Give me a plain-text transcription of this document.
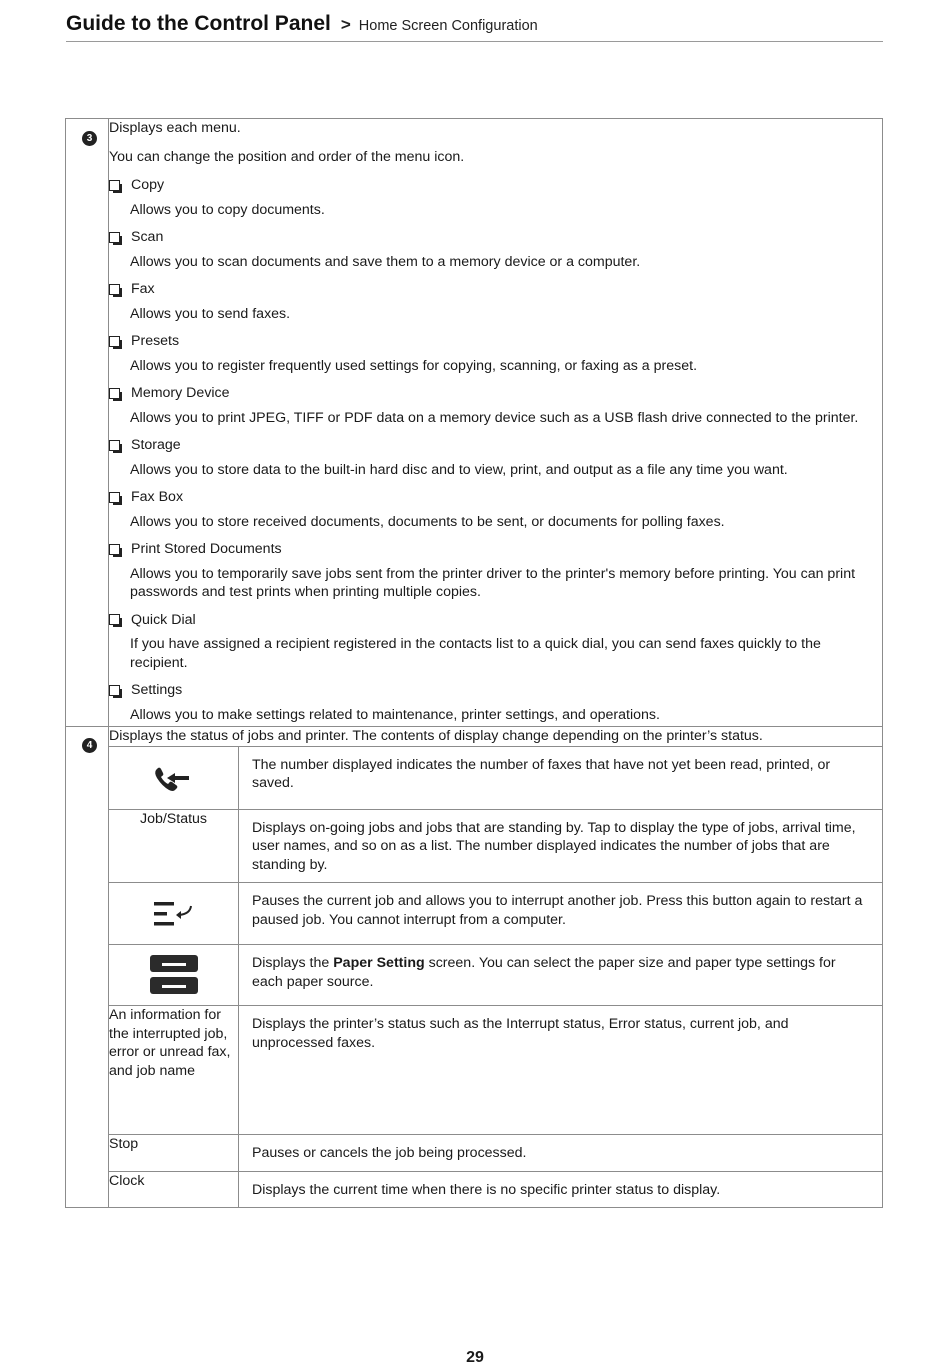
Guide to the Control Panel > Home Screen Configuration
3

Displays each menu.

You can change the position and order of the menu icon.

Copy
Allows you to copy documents.
Scan
Allows you to scan documents and save them to a memory device or a computer.
Fax
Allows you to send faxes.
Presets
Allows you to register frequently used settings for copying, scanning, or faxing as a preset.
Memory Device
Allows you to print JPEG, TIFF or PDF data on a memory device such as a USB flash drive connected to the printer.
Storage
Allows you to store data to the built-in hard disc and to view, print, and output as a file any time you want.
Fax Box
Allows you to store received documents, documents to be sent, or documents for polling faxes.
Print Stored Documents
Allows you to temporarily save jobs sent from the printer driver to the printer's memory before printing. You can print passwords and test prints when printing multiple copies.
Quick Dial
If you have assigned a recipient registered in the contacts list to a quick dial, you can send faxes quickly to the recipient.
Settings
Allows you to make settings related to maintenance, printer settings, and operations.

4

Displays the status of jobs and printer. The contents of display change depending on the printer’s status.
	The number displayed indicates the number of faxes that have not yet been read, printed, or saved.
Job/Status	Displays on-going jobs and jobs that are standing by. Tap to display the type of jobs, arrival time, user names, and so on as a list. The number displayed indicates the number of jobs that are standing by.

	Pauses the current job and allows you to interrupt another job. Press this button again to restart a paused job. You cannot interrupt from a computer.

	Displays the Paper Setting screen. You can select the paper size and paper type settings for each paper source.
An information for the interrupted job, error or unread fax, and job name	Displays the printer’s status such as the Interrupt status, Error status, current job, and unprocessed faxes.
Stop	Pauses or cancels the job being processed.
Clock	Displays the current time when there is no specific printer status to display.
29
